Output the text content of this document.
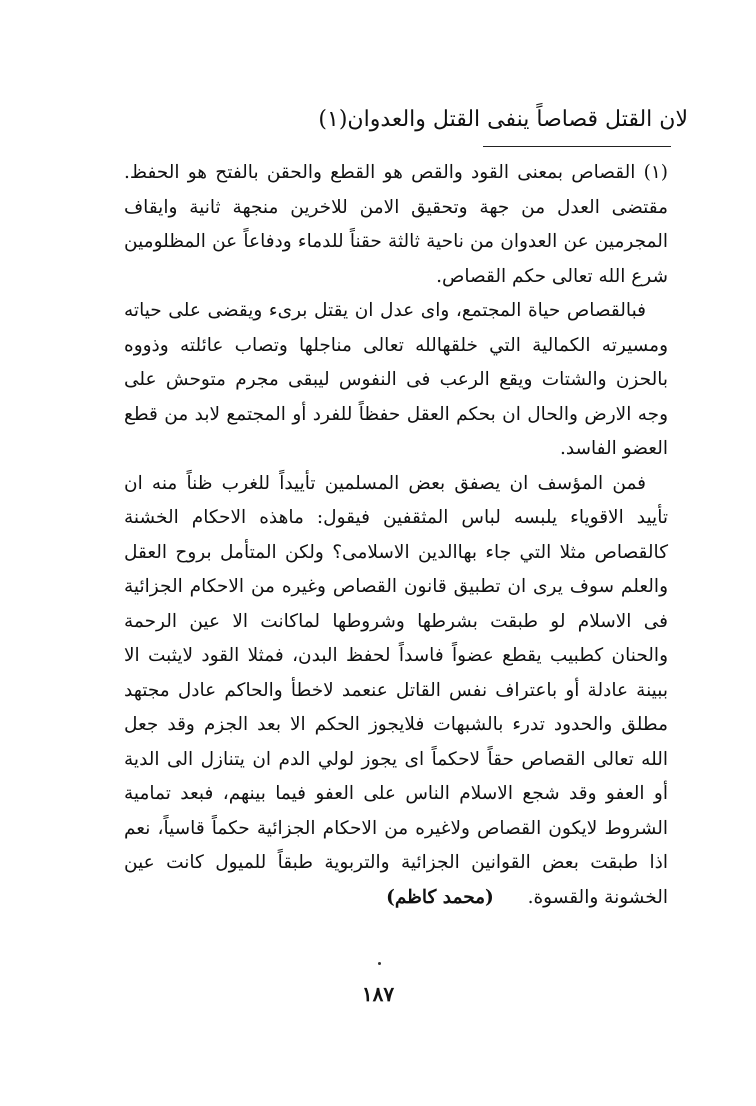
لان القتل قصاصاً ينفى القتل والعدوان(١)

(١) القصاص بمعنى القود والقص هو القطع والحقن بالفتح هو الحفظ. مقتضى العدل من جهة وتحقيق الامن للاخرين منجهة ثانية وايقاف المجرمين عن العدوان من ناحية ثالثة حقناً للدماء ودفاعاً عن المظلومين شرع الله تعالى حكم القصاص.

فبالقصاص حياة المجتمع، واى عدل ان يقتل برىء ويقضى على حياته ومسيرته الكمالية التي خلقهالله تعالى مناجلها وتصاب عائلته وذووه بالحزن والشتات ويقع الرعب فى النفوس ليبقى مجرم متوحش على وجه الارض والحال ان بحكم العقل حفظاً للفرد أو المجتمع لابد من قطع العضو الفاسد.

فمن المؤسف ان يصفق بعض المسلمين تأييداً للغرب ظناً منه ان تأييد الاقوياء يلبسه لباس المثقفين فيقول: ماهذه الاحكام الخشنة كالقصاص مثلا التي جاء بهاالدين الاسلامى؟ ولكن المتأمل بروح العقل والعلم سوف يرى ان تطبيق قانون القصاص وغيره من الاحكام الجزائية فى الاسلام لو طبقت بشرطها وشروطها لماكانت الا عين الرحمة والحنان كطبيب يقطع عضواً فاسداً لحفظ البدن، فمثلا القود لايثبت الا ببينة عادلة أو باعتراف نفس القاتل عنعمد لاخطأ والحاكم عادل مجتهد مطلق والحدود تدرء بالشبهات فلايجوز الحكم الا بعد الجزم وقد جعل الله تعالى القصاص حقاً لاحكماً اى يجوز لولي الدم ان يتنازل الى الدية أو العفو وقد شجع الاسلام الناس على العفو فيما بينهم، فبعد تمامية الشروط لايكون القصاص ولاغيره من الاحكام الجزائية حكماً قاسياً، نعم اذا طبقت بعض القوانين الجزائية والتربوية طبقاً للميول كانت عين الخشونة والقسوة.  (محمد كاظم)

١٨٧
